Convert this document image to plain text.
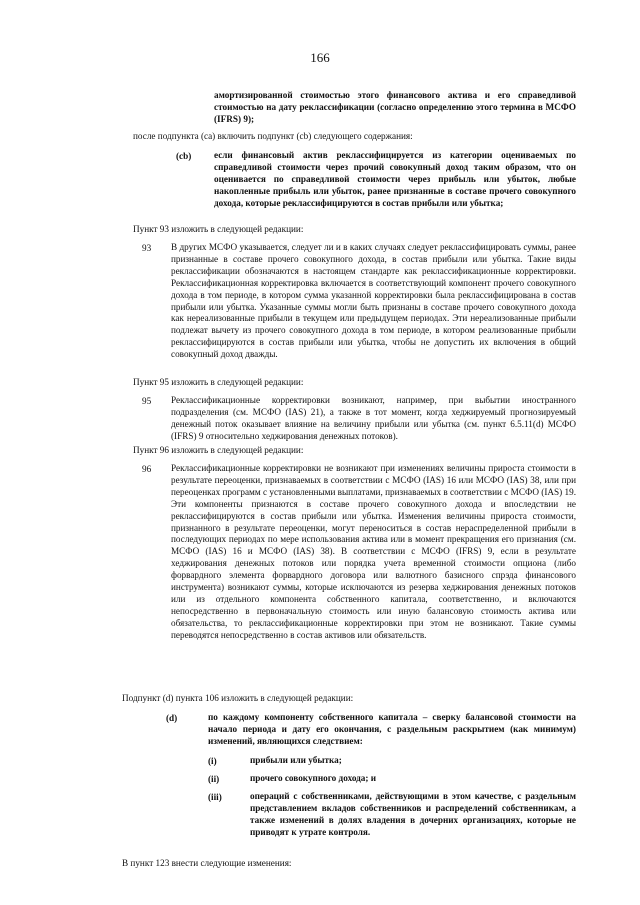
166
амортизированной стоимостью этого финансового актива и его справедливой стоимостью на дату реклассификации (согласно определению этого термина в МСФО (IFRS) 9);
после подпункта (ca) включить подпункт (cb) следующего содержания:
(cb) если финансовый актив реклассифицируется из категории оцениваемых по справедливой стоимости через прочий совокупный доход таким образом, что он оценивается по справедливой стоимости через прибыль или убыток, любые накопленные прибыль или убыток, ранее признанные в составе прочего совокупного дохода, которые реклассифицируются в состав прибыли или убытка;
Пункт 93 изложить в следующей редакции:
93 В других МСФО указывается, следует ли и в каких случаях следует реклассифицировать суммы, ранее признанные в составе прочего совокупного дохода, в состав прибыли или убытка. Такие виды реклассификации обозначаются в настоящем стандарте как реклассификационные корректировки. Реклассификационная корректировка включается в соответствующий компонент прочего совокупного дохода в том периоде, в котором сумма указанной корректировки была реклассифицирована в состав прибыли или убытка. Указанные суммы могли быть признаны в составе прочего совокупного дохода как нереализованные прибыли в текущем или предыдущем периодах. Эти нереализованные прибыли подлежат вычету из прочего совокупного дохода в том периоде, в котором реализованные прибыли реклассифицируются в состав прибыли или убытка, чтобы не допустить их включения в общий совокупный доход дважды.
Пункт 95 изложить в следующей редакции:
95 Реклассификационные корректировки возникают, например, при выбытии иностранного подразделения (см. МСФО (IAS) 21), а также в тот момент, когда хеджируемый прогнозируемый денежный поток оказывает влияние на величину прибыли или убытка (см. пункт 6.5.11(d) МСФО (IFRS) 9 относительно хеджирования денежных потоков).
Пункт 96 изложить в следующей редакции:
96 Реклассификационные корректировки не возникают при изменениях величины прироста стоимости в результате переоценки, признаваемых в соответствии с МСФО (IAS) 16 или МСФО (IAS) 38, или при переоценках программ с установленными выплатами, признаваемых в соответствии с МСФО (IAS) 19. Эти компоненты признаются в составе прочего совокупного дохода и впоследствии не реклассифицируются в состав прибыли или убытка. Изменения величины прироста стоимости, признанного в результате переоценки, могут переноситься в состав нераспределенной прибыли в последующих периодах по мере использования актива или в момент прекращения его признания (см. МСФО (IAS) 16 и МСФО (IAS) 38). В соответствии с МСФО (IFRS) 9, если в результате хеджирования денежных потоков или порядка учета временной стоимости опциона (либо форвардного элемента форвардного договора или валютного базисного спрэда финансового инструмента) возникают суммы, которые исключаются из резерва хеджирования денежных потоков или из отдельного компонента собственного капитала, соответственно, и включаются непосредственно в первоначальную стоимость или иную балансовую стоимость актива или обязательства, то реклассификационные корректировки при этом не возникают. Такие суммы переводятся непосредственно в состав активов или обязательств.
Подпункт (d) пункта 106 изложить в следующей редакции:
(d)	по каждому компоненту собственного капитала – сверку балансовой стоимости на начало периода и дату его окончания, с раздельным раскрытием (как минимум) изменений, являющихся следствием:
(i)	прибыли или убытка;
(ii)	прочего совокупного дохода; и
(iii)	операций с собственниками, действующими в этом качестве, с раздельным представлением вкладов собственников и распределений собственникам, а также изменений в долях владения в дочерних организациях, которые не приводят к утрате контроля.
В пункт 123 внести следующие изменения:
